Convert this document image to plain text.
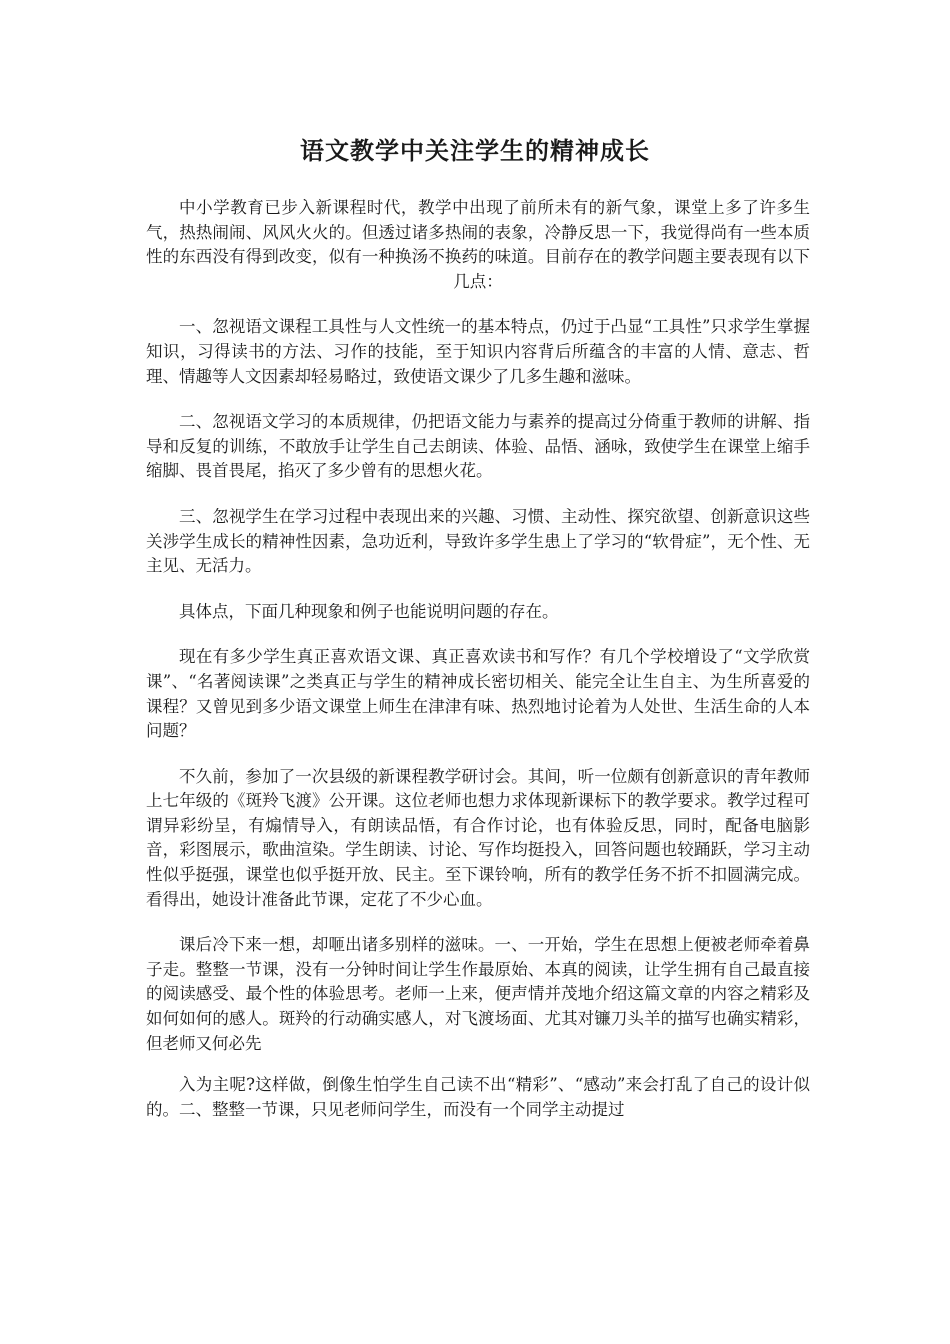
语文教学中关注学生的精神成长

中小学教育已步入新课程时代，教学中出现了前所未有的新气象，课堂上多了许多生气，热热闹闹、风风火火的。但透过诸多热闹的表象，冷静反思一下，我觉得尚有一些本质性的东西没有得到改变，似有一种换汤不换药的味道。目前存在的教学问题主要表现有以下几点：

一、忽视语文课程工具性与人文性统一的基本特点，仍过于凸显“工具性”只求学生掌握知识，习得读书的方法、习作的技能，至于知识内容背后所蕴含的丰富的人情、意志、哲理、情趣等人文因素却轻易略过，致使语文课少了几多生趣和滋味。

二、忽视语文学习的本质规律，仍把语文能力与素养的提高过分倚重于教师的讲解、指导和反复的训练，不敢放手让学生自己去朗读、体验、品悟、涵咏，致使学生在课堂上缩手缩脚、畏首畏尾，掐灭了多少曾有的思想火花。

三、忽视学生在学习过程中表现出来的兴趣、习惯、主动性、探究欲望、创新意识这些关涉学生成长的精神性因素，急功近利，导致许多学生患上了学习的“软骨症”，无个性、无主见、无活力。

具体点，下面几种现象和例子也能说明问题的存在。

现在有多少学生真正喜欢语文课、真正喜欢读书和写作？有几个学校增设了“文学欣赏课”、“名著阅读课”之类真正与学生的精神成长密切相关、能完全让生自主、为生所喜爱的课程？又曾见到多少语文课堂上师生在津津有味、热烈地讨论着为人处世、生活生命的人本问题？

不久前，参加了一次县级的新课程教学研讨会。其间，听一位颇有创新意识的青年教师上七年级的《斑羚飞渡》公开课。这位老师也想力求体现新课标下的教学要求。教学过程可谓异彩纷呈，有煽情导入，有朗读品悟，有合作讨论，也有体验反思，同时，配备电脑影音，彩图展示，歌曲渲染。学生朗读、讨论、写作均挺投入，回答问题也较踊跃，学习主动性似乎挺强，课堂也似乎挺开放、民主。至下课铃响，所有的教学任务不折不扣圆满完成。看得出，她设计准备此节课，定花了不少心血。

课后冷下来一想，却咂出诸多别样的滋味。一、一开始，学生在思想上便被老师牵着鼻子走。整整一节课，没有一分钟时间让学生作最原始、本真的阅读，让学生拥有自己最直接的阅读感受、最个性的体验思考。老师一上来，便声情并茂地介绍这篇文章的内容之精彩及如何如何的感人。斑羚的行动确实感人，对飞渡场面、尤其对镰刀头羊的描写也确实精彩，但老师又何必先

入为主呢?这样做，倒像生怕学生自己读不出“精彩”、“感动”来会打乱了自己的设计似的。二、整整一节课，只见老师问学生，而没有一个同学主动提过
